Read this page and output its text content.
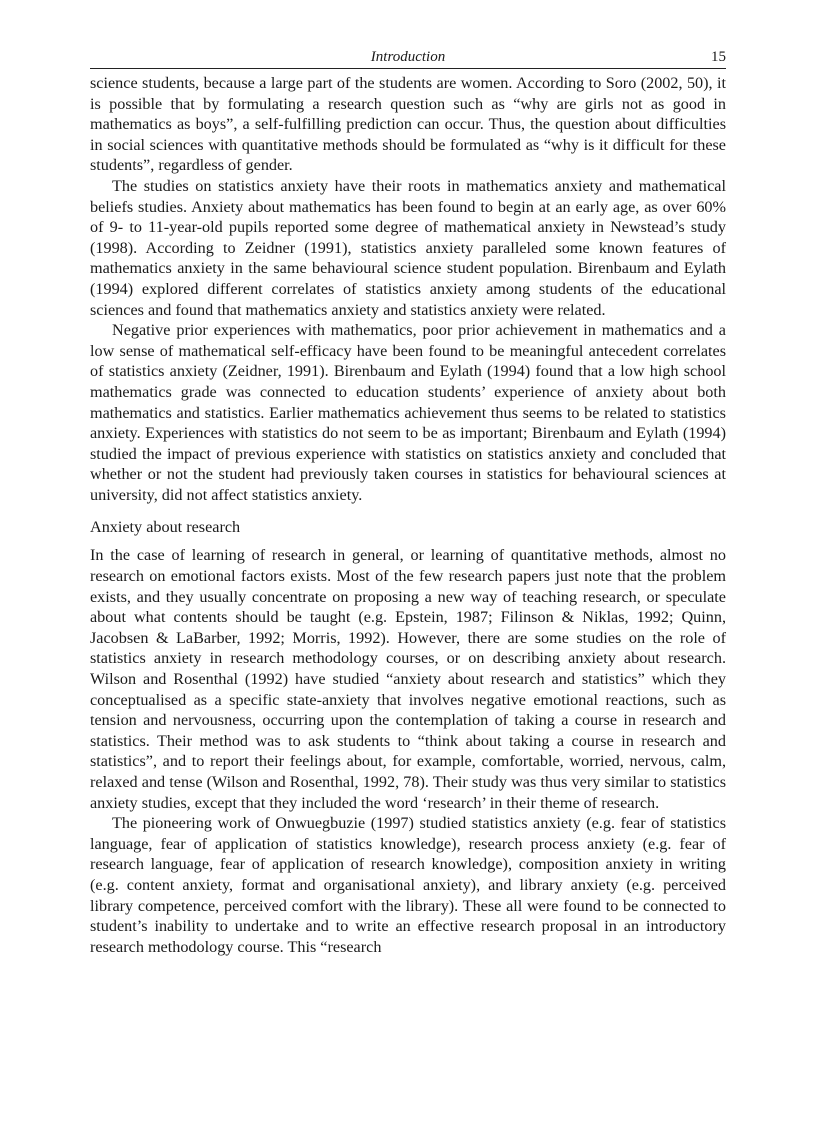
Introduction	15

science students, because a large part of the students are women. According to Soro (2002, 50), it is possible that by formulating a research question such as “why are girls not as good in mathematics as boys”, a self-fulfilling prediction can occur. Thus, the question about difficulties in social sciences with quantitative methods should be formulated as “why is it difficult for these students”, regardless of gender.

The studies on statistics anxiety have their roots in mathematics anxiety and mathematical beliefs studies. Anxiety about mathematics has been found to begin at an early age, as over 60% of 9- to 11-year-old pupils reported some degree of mathematical anxiety in Newstead’s study (1998). According to Zeidner (1991), statistics anxiety paralleled some known features of mathematics anxiety in the same behavioural science student population. Birenbaum and Eylath (1994) explored different correlates of statistics anxiety among students of the educational sciences and found that mathematics anxiety and statistics anxiety were related.

Negative prior experiences with mathematics, poor prior achievement in mathematics and a low sense of mathematical self-efficacy have been found to be meaningful antecedent correlates of statistics anxiety (Zeidner, 1991). Birenbaum and Eylath (1994) found that a low high school mathematics grade was connected to education students’ experience of anxiety about both mathematics and statistics. Earlier mathematics achievement thus seems to be related to statistics anxiety. Experiences with statistics do not seem to be as important; Birenbaum and Eylath (1994) studied the impact of previous experience with statistics on statistics anxiety and concluded that whether or not the student had previously taken courses in statistics for behavioural sciences at university, did not affect statistics anxiety.

Anxiety about research

In the case of learning of research in general, or learning of quantitative methods, almost no research on emotional factors exists. Most of the few research papers just note that the problem exists, and they usually concentrate on proposing a new way of teaching research, or speculate about what contents should be taught (e.g. Epstein, 1987; Filinson & Niklas, 1992; Quinn, Jacobsen & LaBarber, 1992; Morris, 1992). However, there are some studies on the role of statistics anxiety in research methodology courses, or on describing anxiety about research. Wilson and Rosenthal (1992) have studied “anxiety about research and statistics” which they conceptualised as a specific state-anxiety that involves negative emotional reactions, such as tension and nervousness, occurring upon the contemplation of taking a course in research and statistics. Their method was to ask students to “think about taking a course in research and statistics”, and to report their feelings about, for example, comfortable, worried, nervous, calm, relaxed and tense (Wilson and Rosenthal, 1992, 78). Their study was thus very similar to statistics anxiety studies, except that they included the word ‘research’ in their theme of research.

The pioneering work of Onwuegbuzie (1997) studied statistics anxiety (e.g. fear of statistics language, fear of application of statistics knowledge), research process anxiety (e.g. fear of research language, fear of application of research knowledge), composition anxiety in writing (e.g. content anxiety, format and organisational anxiety), and library anxiety (e.g. perceived library competence, perceived comfort with the library). These all were found to be connected to student’s inability to undertake and to write an effective research proposal in an introductory research methodology course. This “research
